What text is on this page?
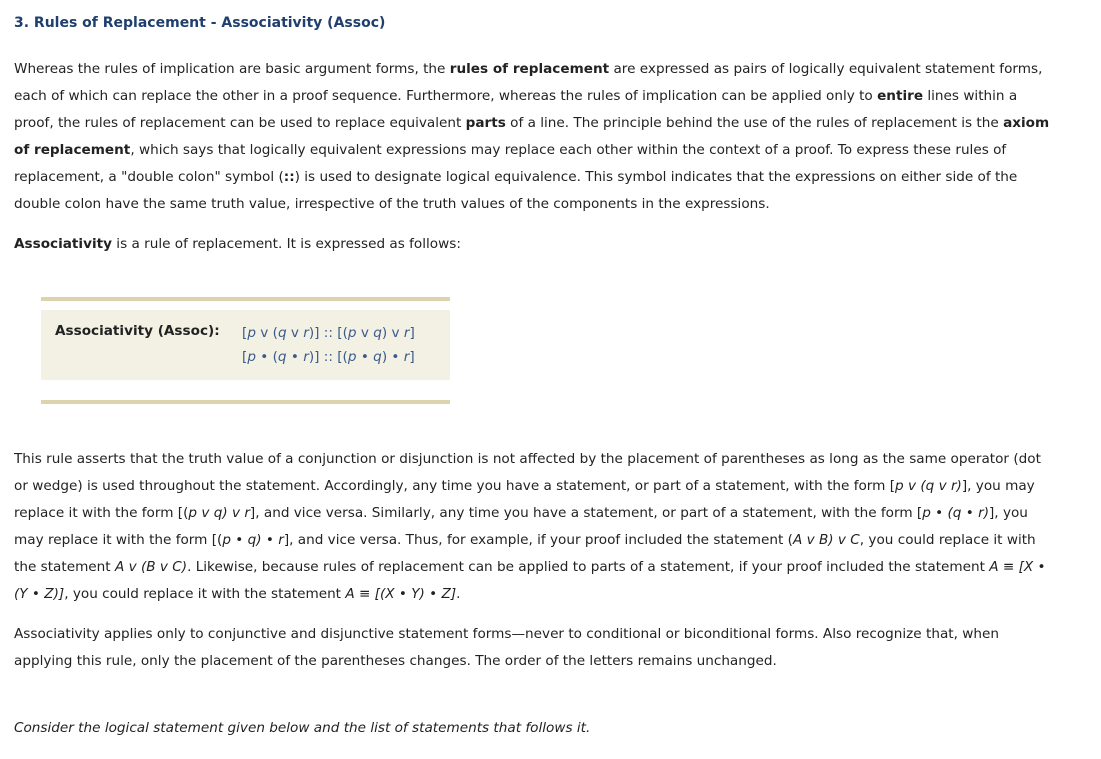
3. Rules of Replacement - Associativity (Assoc)

Whereas the rules of implication are basic argument forms, the rules of replacement are expressed as pairs of logically equivalent statement forms, each of which can replace the other in a proof sequence. Furthermore, whereas the rules of implication can be applied only to entire lines within a proof, the rules of replacement can be used to replace equivalent parts of a line. The principle behind the use of the rules of replacement is the axiom of replacement, which says that logically equivalent expressions may replace each other within the context of a proof. To express these rules of replacement, a "double colon" symbol (::) is used to designate logical equivalence. This symbol indicates that the expressions on either side of the double colon have the same truth value, irrespective of the truth values of the components in the expressions.

Associativity is a rule of replacement. It is expressed as follows:

Associativity (Assoc): [p v (q v r)] :: [(p v q) v r]
[p • (q • r)] :: [(p • q) • r]

This rule asserts that the truth value of a conjunction or disjunction is not affected by the placement of parentheses as long as the same operator (dot or wedge) is used throughout the statement. Accordingly, any time you have a statement, or part of a statement, with the form [p v (q v r)], you may replace it with the form [(p v q) v r], and vice versa. Similarly, any time you have a statement, or part of a statement, with the form [p • (q • r)], you may replace it with the form [(p • q) • r], and vice versa. Thus, for example, if your proof included the statement (A v B) v C, you could replace it with the statement A v (B v C). Likewise, because rules of replacement can be applied to parts of a statement, if your proof included the statement A ≡ [X • (Y • Z)], you could replace it with the statement A ≡ [(X • Y) • Z].

Associativity applies only to conjunctive and disjunctive statement forms—never to conditional or biconditional forms. Also recognize that, when applying this rule, only the placement of the parentheses changes. The order of the letters remains unchanged.

Consider the logical statement given below and the list of statements that follows it.
